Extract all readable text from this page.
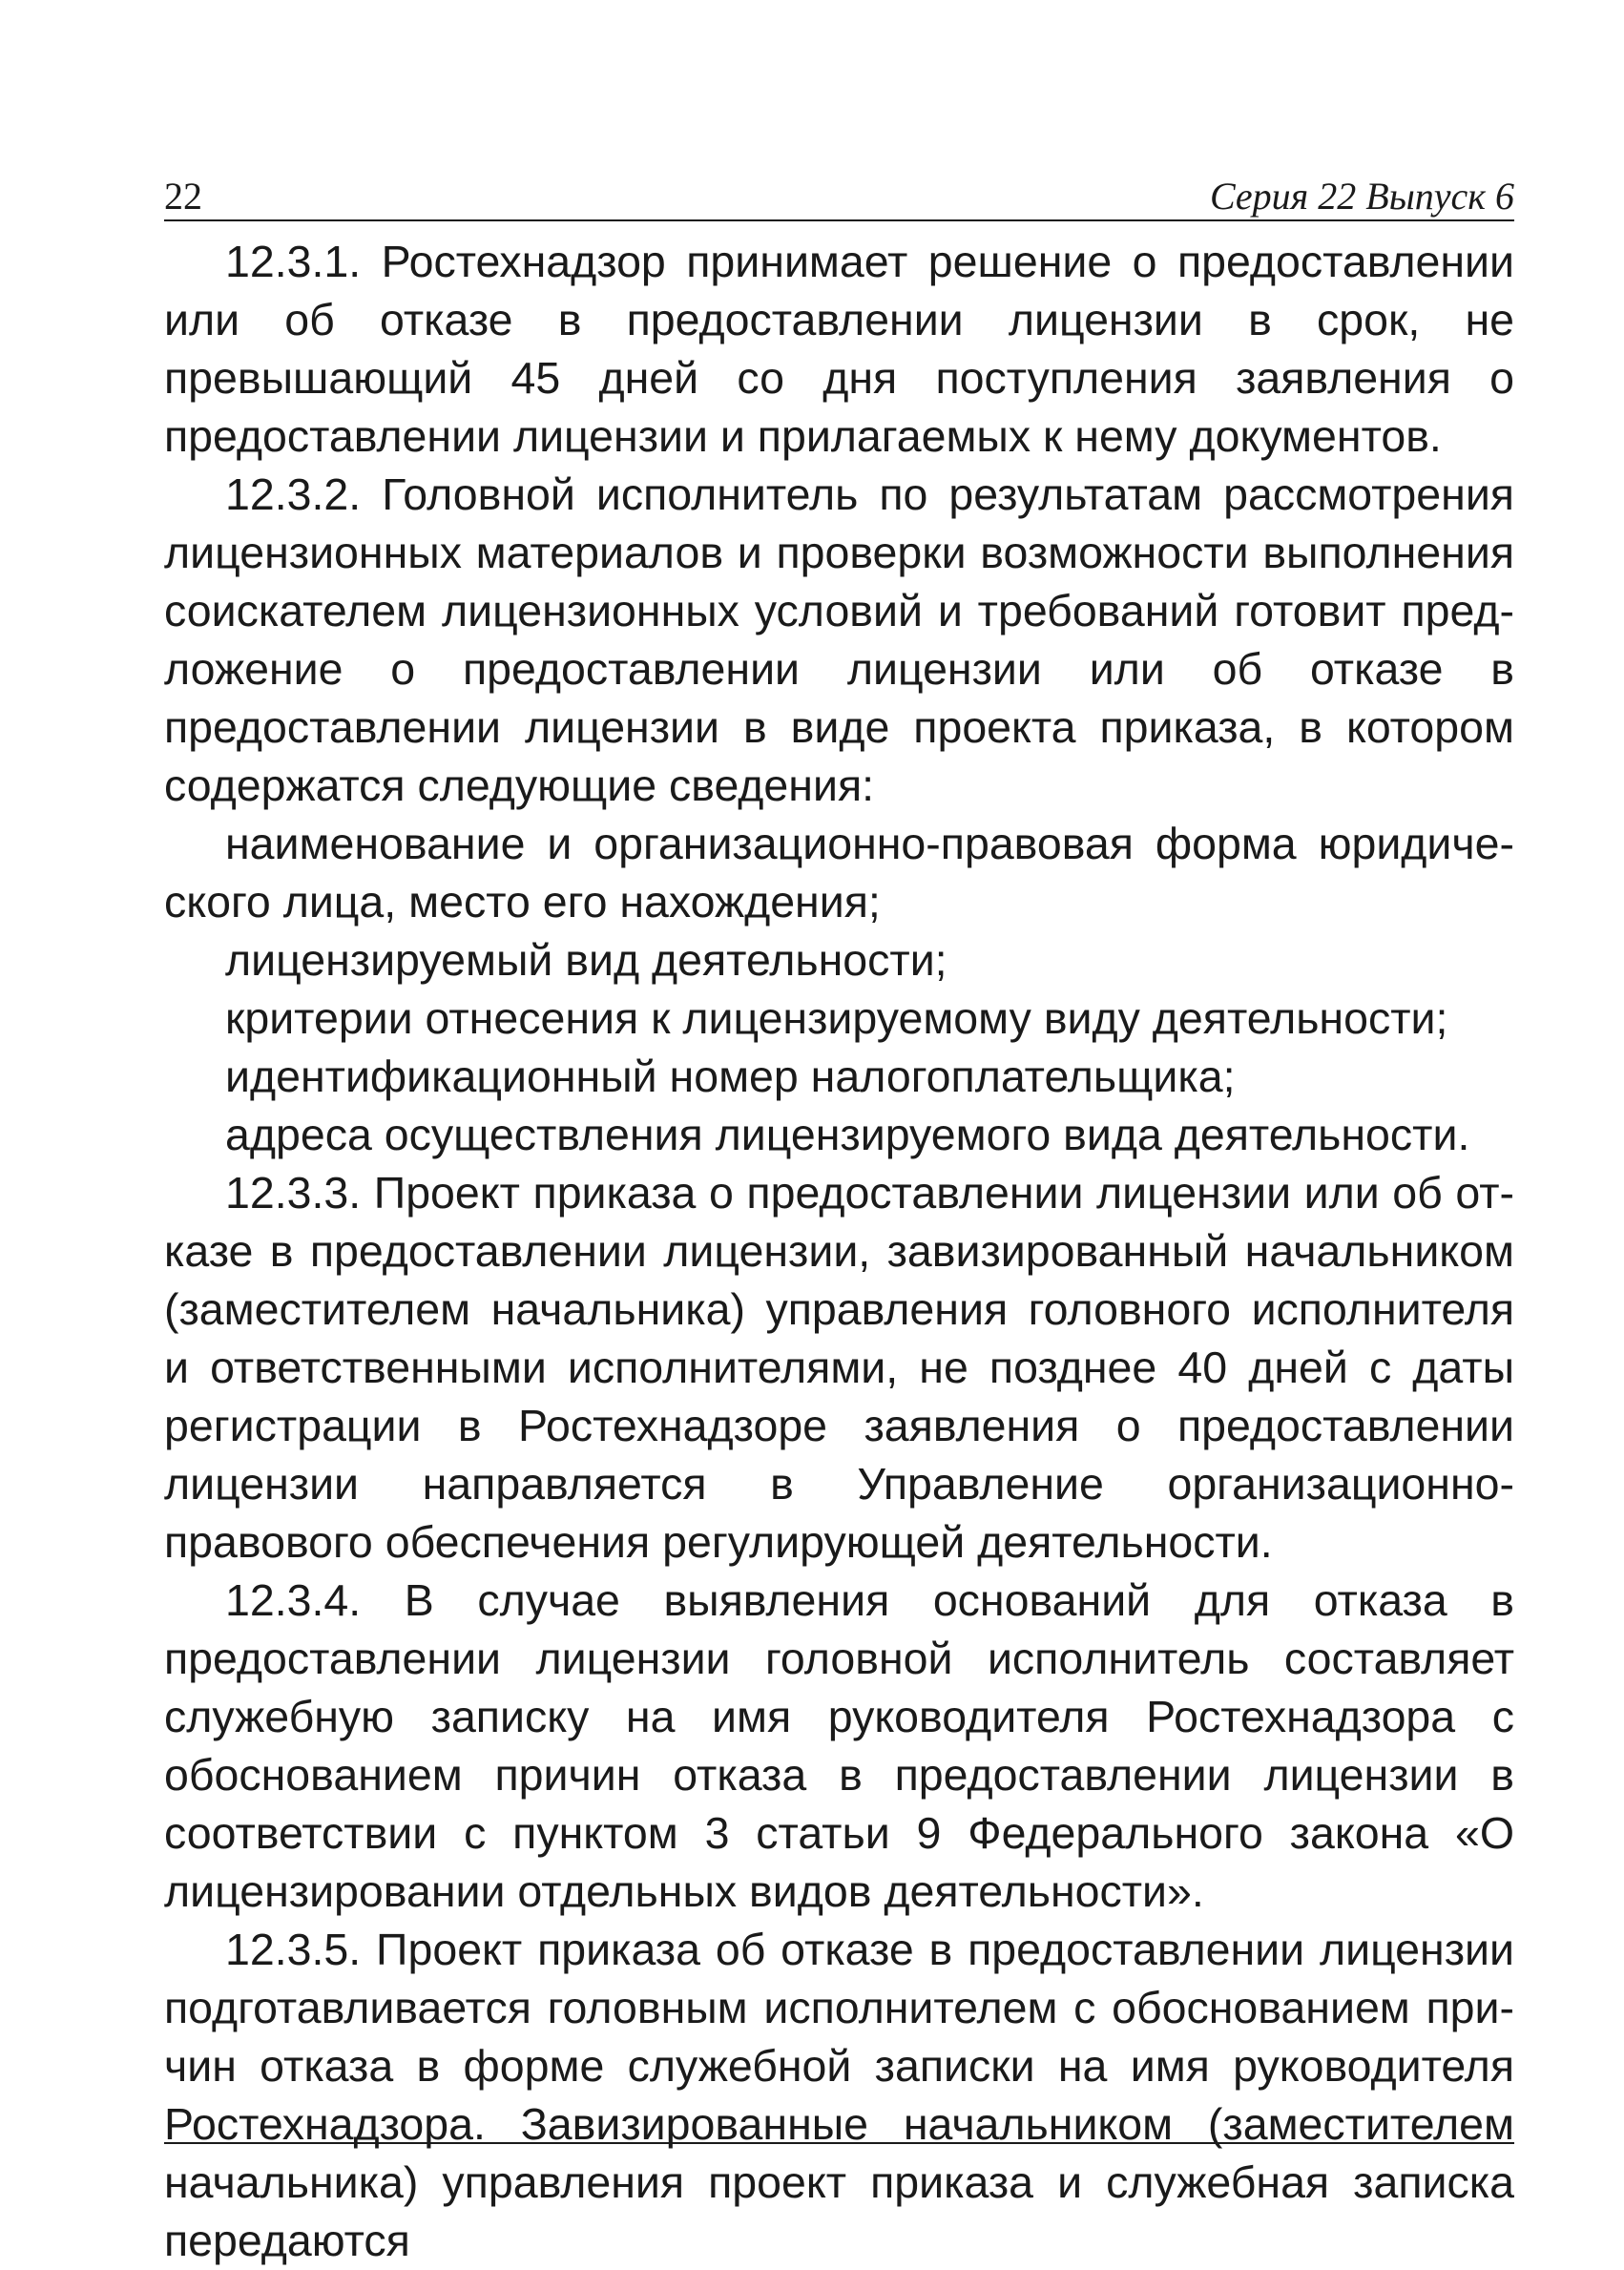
22	Серия 22 Выпуск 6

12.3.1. Ростехнадзор принимает решение о предоставлении или об отказе в предоставлении лицензии в срок, не превышающий 45 дней со дня поступления заявления о предоставлении лицензии и прилагаемых к нему документов.

12.3.2. Головной исполнитель по результатам рассмотрения лицензионных материалов и проверки возможности выполнения соискателем лицензионных условий и требований готовит предложение о предоставлении лицензии или об отказе в предоставлении лицензии в виде проекта приказа, в котором содержатся следующие сведения:

наименование и организационно-правовая форма юридического лица, место его нахождения;
лицензируемый вид деятельности;
критерии отнесения к лицензируемому виду деятельности;
идентификационный номер налогоплательщика;
адреса осуществления лицензируемого вида деятельности.

12.3.3. Проект приказа о предоставлении лицензии или об отказе в предоставлении лицензии, завизированный начальником (заместителем начальника) управления головного исполнителя и ответственными исполнителями, не позднее 40 дней с даты регистрации в Ростехнадзоре заявления о предоставлении лицензии направляется в Управление организационно-правового обеспечения регулирующей деятельности.

12.3.4. В случае выявления оснований для отказа в предоставлении лицензии головной исполнитель составляет служебную записку на имя руководителя Ростехнадзора с обоснованием причин отказа в предоставлении лицензии в соответствии с пунктом 3 статьи 9 Федерального закона «О лицензировании отдельных видов деятельности».

12.3.5. Проект приказа об отказе в предоставлении лицензии подготавливается головным исполнителем с обоснованием причин отказа в форме служебной записки на имя руководителя Ростехнадзора. Завизированные начальником (заместителем начальника) управления проект приказа и служебная записка передаются
